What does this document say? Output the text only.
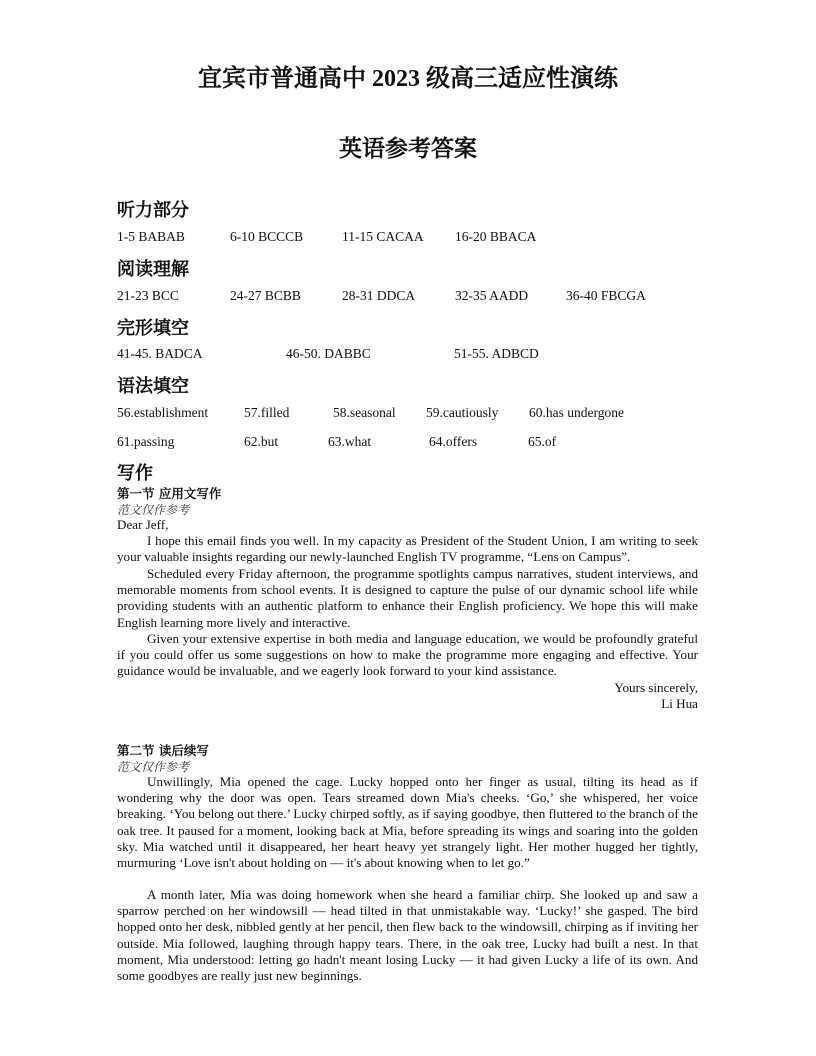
宜宾市普通高中 2023 级高三适应性演练
英语参考答案
听力部分
1-5 BABAB	6-10 BCCCB	11-15 CACAA 16-20 BBACA
阅读理解
21-23 BCC	24-27 BCBB	28-31 DDCA	32-35 AADD	36-40 FBCGA
完形填空
41-45. BADCA	46-50. DABBC	51-55. ADBCD
语法填空
56.establishment	57.filled	58.seasonal 59.cautiously 60.has undergone
61.passing	62.but	63.what	64.offers	65.of
写作
第一节 应用文写作
范文仅作参考
Dear Jeff,
I hope this email finds you well. In my capacity as President of the Student Union, I am writing to seek your valuable insights regarding our newly-launched English TV programme, “Lens on Campus”.
Scheduled every Friday afternoon, the programme spotlights campus narratives, student interviews, and memorable moments from school events. It is designed to capture the pulse of our dynamic school life while providing students with an authentic platform to enhance their English proficiency. We hope this will make English learning more lively and interactive.
Given your extensive expertise in both media and language education, we would be profoundly grateful if you could offer us some suggestions on how to make the programme more engaging and effective. Your guidance would be invaluable, and we eagerly look forward to your kind assistance.
Yours sincerely,
Li Hua
第二节 读后续写
范文仅作参考
Unwillingly, Mia opened the cage. Lucky hopped onto her finger as usual, tilting its head as if wondering why the door was open. Tears streamed down Mia's cheeks. ‘Go,’ she whispered, her voice breaking. ‘You belong out there.’ Lucky chirped softly, as if saying goodbye, then fluttered to the branch of the oak tree. It paused for a moment, looking back at Mia, before spreading its wings and soaring into the golden sky. Mia watched until it disappeared, her heart heavy yet strangely light. Her mother hugged her tightly, murmuring ‘Love isn't about holding on — it's about knowing when to let go.”
A month later, Mia was doing homework when she heard a familiar chirp. She looked up and saw a sparrow perched on her windowsill — head tilted in that unmistakable way. ‘Lucky!’ she gasped. The bird hopped onto her desk, nibbled gently at her pencil, then flew back to the windowsill, chirping as if inviting her outside. Mia followed, laughing through happy tears. There, in the oak tree, Lucky had built a nest. In that moment, Mia understood: letting go hadn't meant losing Lucky — it had given Lucky a life of its own. And some goodbyes are really just new beginnings.
